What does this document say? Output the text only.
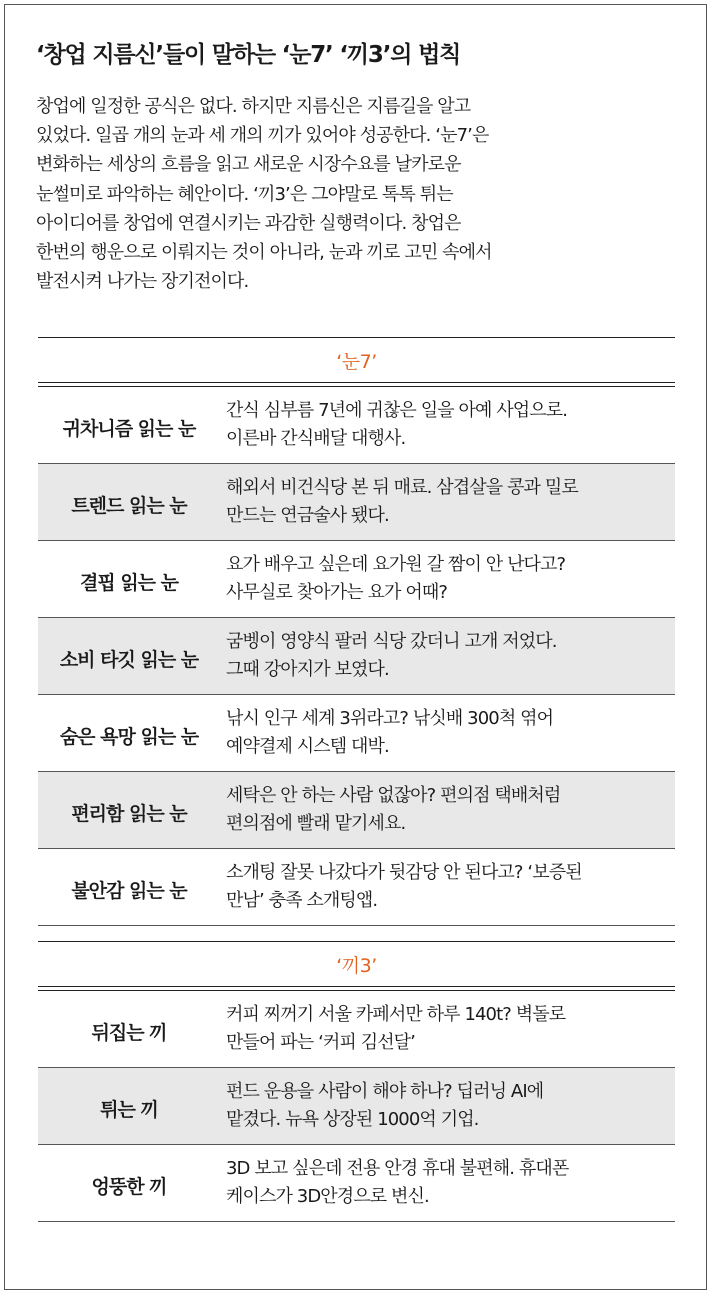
‘창업 지름신’들이 말하는 ‘눈7’ ‘끼3’의 법칙

창업에 일정한 공식은 없다. 하지만 지름신은 지름길을 알고

있었다. 일곱 개의 눈과 세 개의 끼가 있어야 성공한다. ‘눈7’은

변화하는 세상의 흐름을 읽고 새로운 시장수요를 날카로운

눈썰미로 파악하는 혜안이다. ‘끼3’은 그야말로 톡톡 튀는

아이디어를 창업에 연결시키는 과감한 실행력이다. 창업은

한번의 행운으로 이뤄지는 것이 아니라, 눈과 끼로 고민 속에서

발전시켜 나가는 장기전이다.

‘눈7’
귀차니즘 읽는 눈
간식 심부름 7년에 귀찮은 일을 아예 사업으로.
이른바 간식배달 대행사.
트렌드 읽는 눈
해외서 비건식당 본 뒤 매료. 삼겹살을 콩과 밀로
만드는 연금술사 됐다.
결핍 읽는 눈
요가 배우고 싶은데 요가원 갈 짬이 안 난다고?
사무실로 찾아가는 요가 어때?
소비 타깃 읽는 눈
굼벵이 영양식 팔러 식당 갔더니 고개 저었다.
그때 강아지가 보였다.
숨은 욕망 읽는 눈
낚시 인구 세계 3위라고? 낚싯배 300척 엮어
예약결제 시스템 대박.
편리함 읽는 눈
세탁은 안 하는 사람 없잖아? 편의점 택배처럼
편의점에 빨래 맡기세요.
불안감 읽는 눈
소개팅 잘못 나갔다가 뒷감당 안 된다고? ‘보증된
만남’ 충족 소개팅앱.
‘끼3’
뒤집는 끼
커피 찌꺼기 서울 카페서만 하루 140t? 벽돌로
만들어 파는 ‘커피 김선달’
튀는 끼
펀드 운용을 사람이 해야 하나? 딥러닝 AI에
맡겼다. 뉴욕 상장된 1000억 기업.
엉뚱한 끼
3D 보고 싶은데 전용 안경 휴대 불편해. 휴대폰
케이스가 3D안경으로 변신.
